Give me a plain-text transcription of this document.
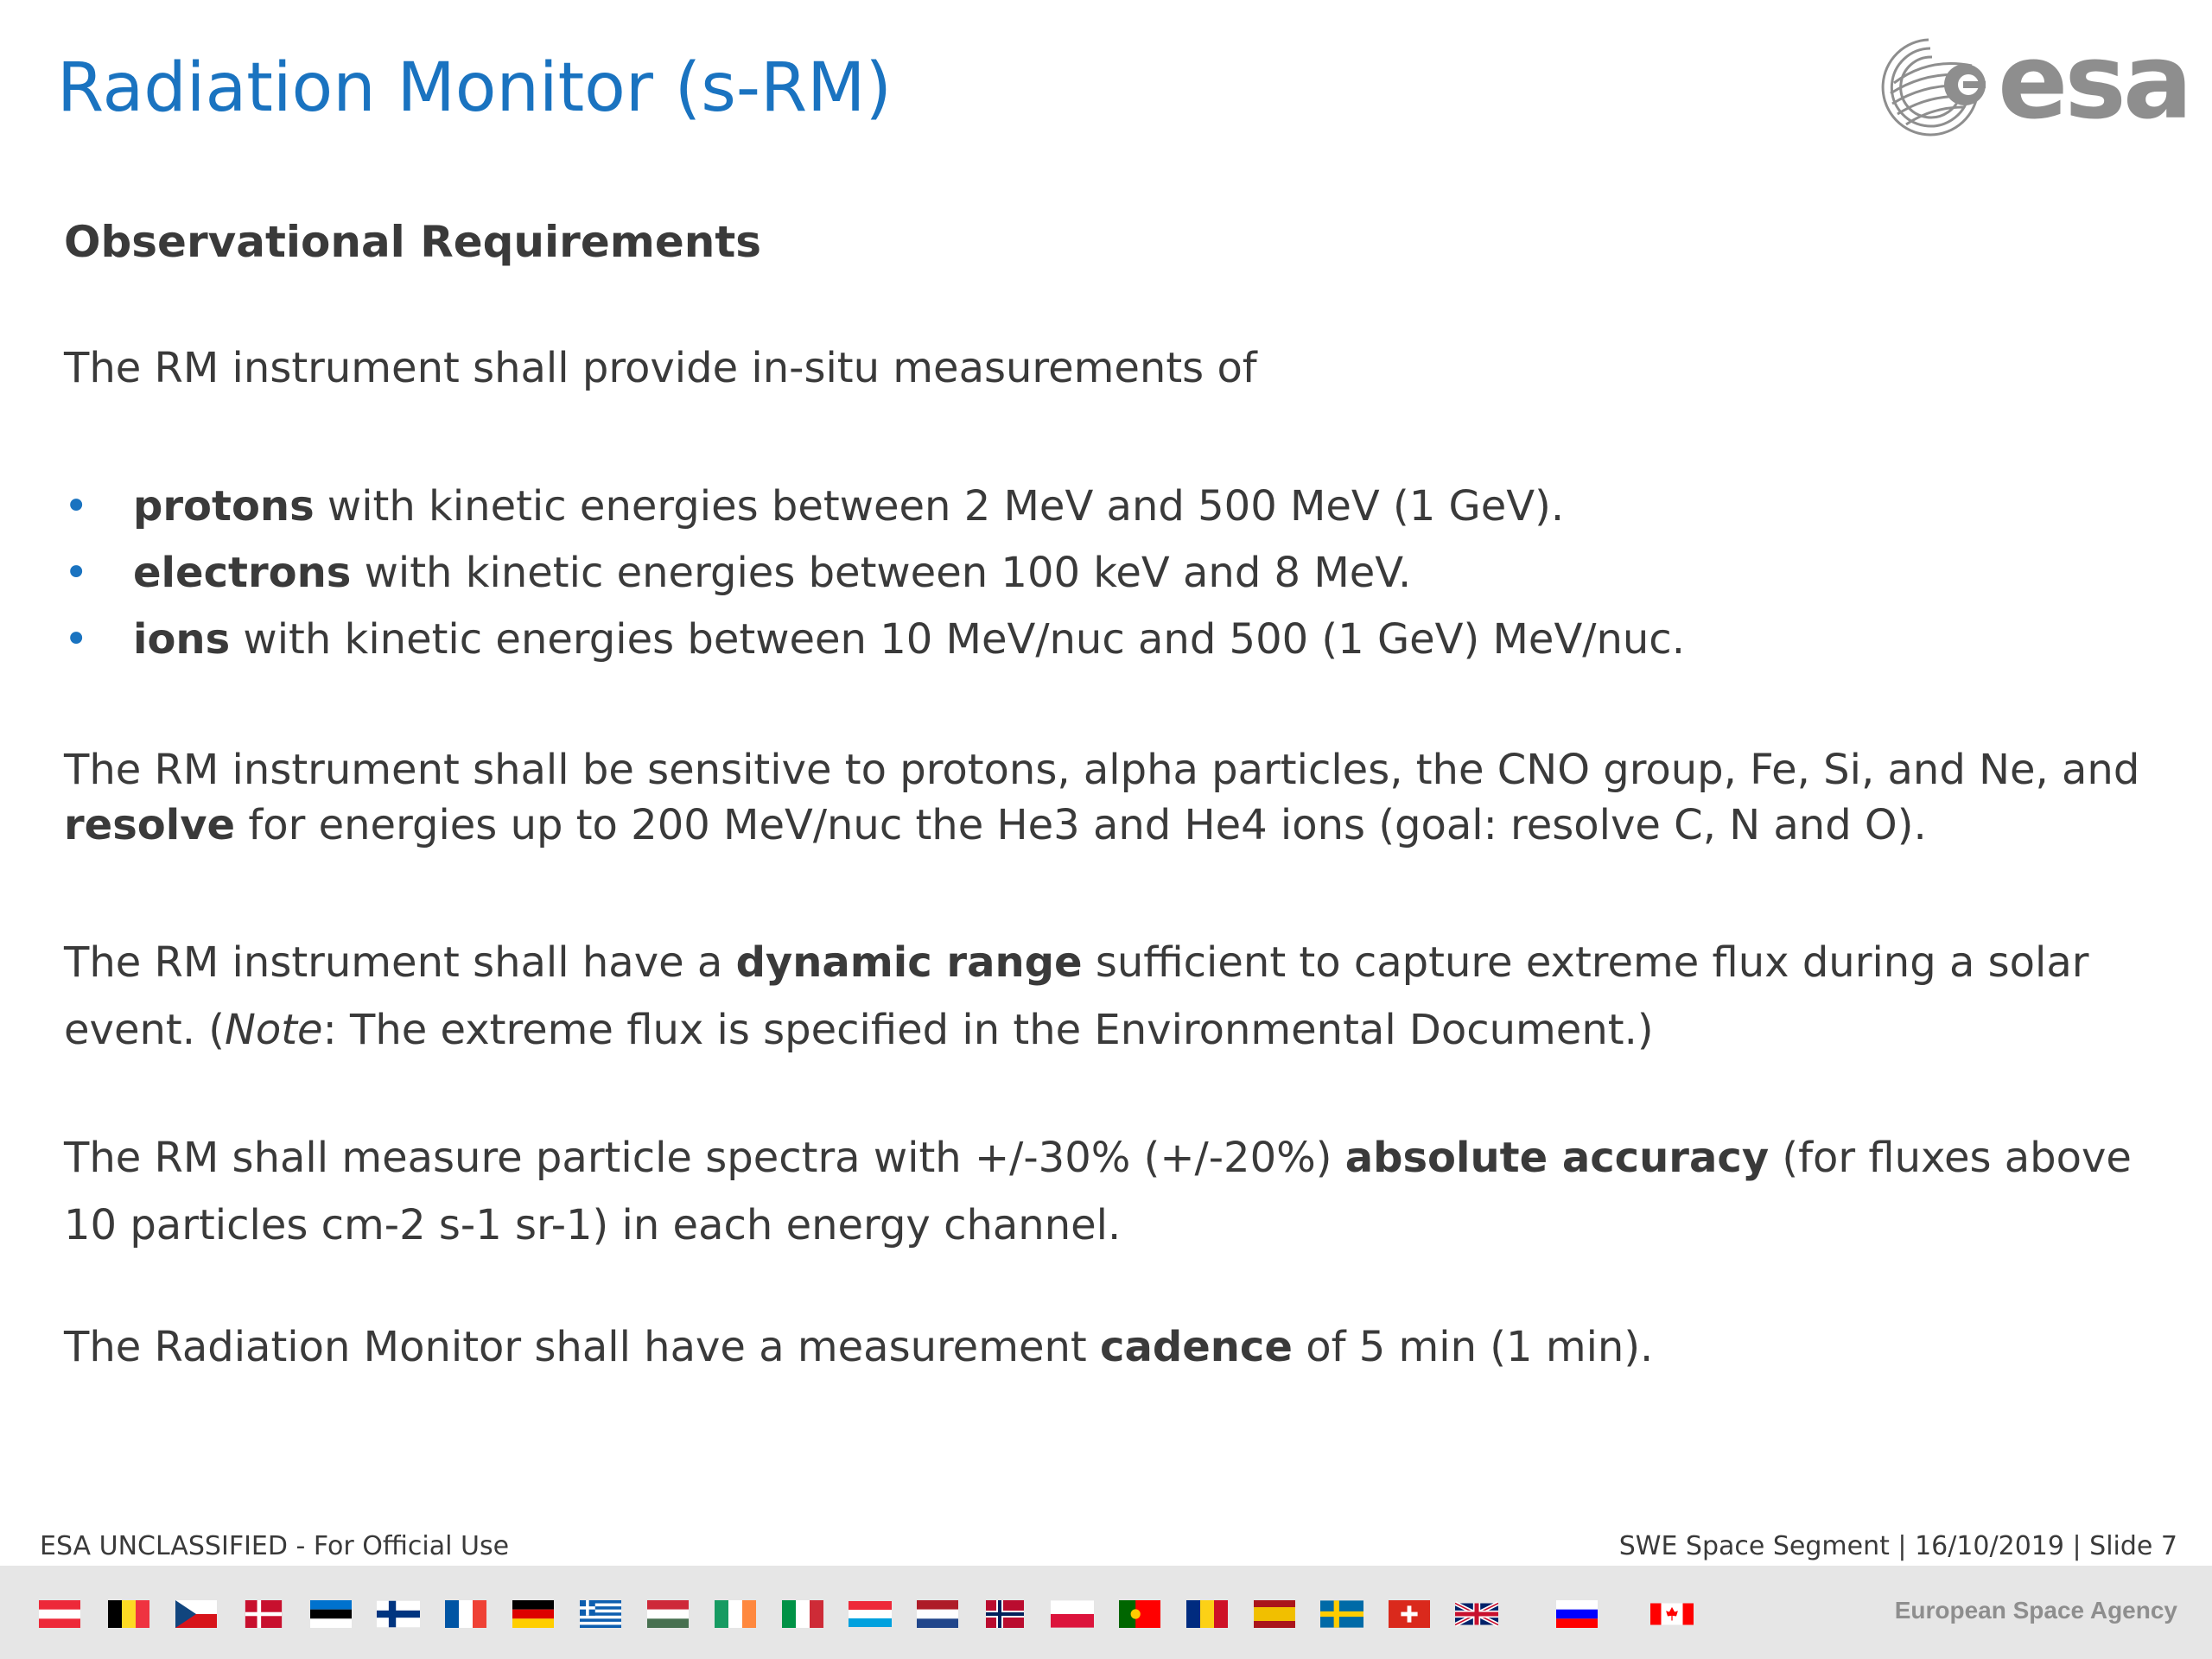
Radiation Monitor (s-RM)	esa
Observational Requirements

The RM instrument shall provide in-situ measurements of

• protons with kinetic energies between 2 MeV and 500 MeV (1 GeV).
• electrons with kinetic energies between 100 keV and 8 MeV.
• ions with kinetic energies between 10 MeV/nuc and 500 (1 GeV) MeV/nuc.

The RM instrument shall be sensitive to protons, alpha particles, the CNO group, Fe, Si, and Ne, and resolve for energies up to 200 MeV/nuc the He3 and He4 ions (goal: resolve C, N and O).

The RM instrument shall have a dynamic range sufficient to capture extreme flux during a solar event. (Note: The extreme flux is specified in the Environmental Document.)

The RM shall measure particle spectra with +/-30% (+/-20%) absolute accuracy (for fluxes above 10 particles cm-2 s-1 sr-1) in each energy channel.

The Radiation Monitor shall have a measurement cadence of 5 min (1 min).

ESA UNCLASSIFIED - For Official Use	SWE Space Segment | 16/10/2019 | Slide 7
European Space Agency
